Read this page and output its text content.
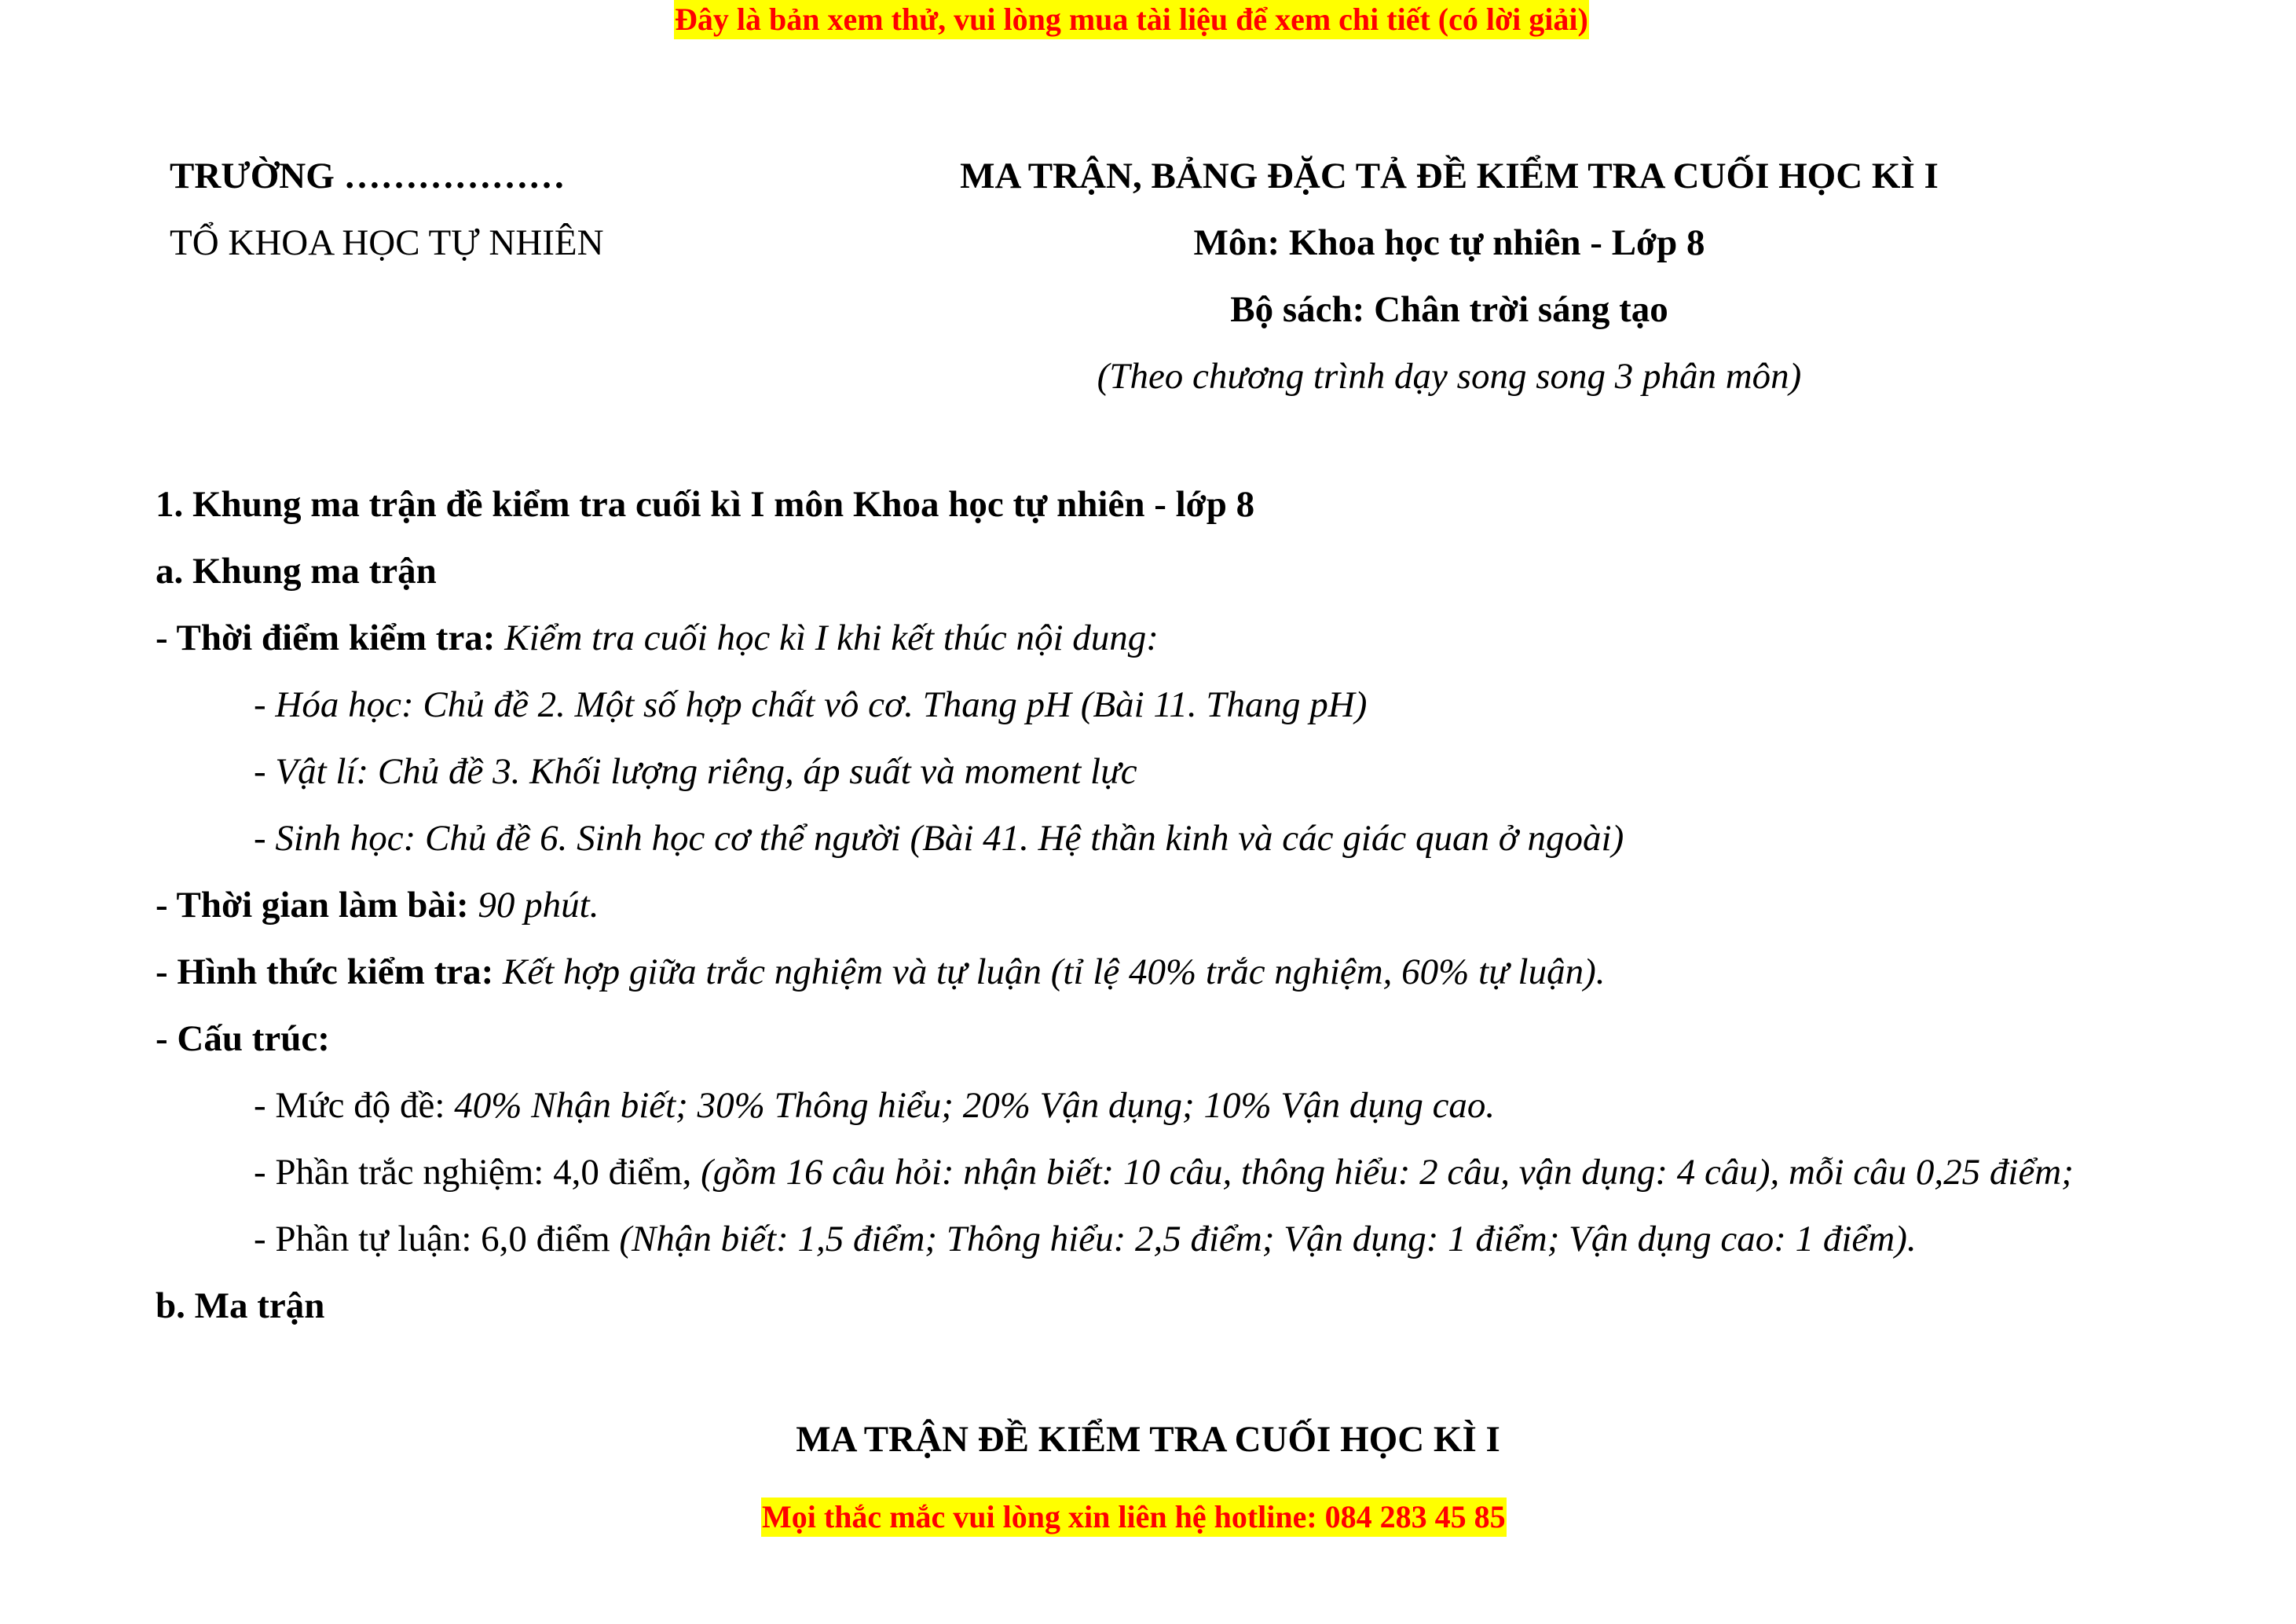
Đây là bản xem thử, vui lòng mua tài liệu để xem chi tiết (có lời giải)
TRƯỜNG ………………
TỔ KHOA HỌC TỰ NHIÊN
MA TRẬN, BẢNG ĐẶC TẢ ĐỀ KIỂM TRA CUỐI HỌC KÌ I
Môn: Khoa học tự nhiên - Lớp 8
Bộ sách: Chân trời sáng tạo
(Theo chương trình dạy song song 3 phân môn)
1. Khung ma trận đề kiểm tra cuối kì I môn Khoa học tự nhiên - lớp 8
a. Khung ma trận
- Thời điểm kiểm tra: Kiểm tra cuối học kì I khi kết thúc nội dung:
- Hóa học: Chủ đề 2. Một số hợp chất vô cơ. Thang pH (Bài 11. Thang pH)
- Vật lí: Chủ đề 3. Khối lượng riêng, áp suất và moment lực
- Sinh học: Chủ đề 6. Sinh học cơ thể người (Bài 41. Hệ thần kinh và các giác quan ở ngoài)
- Thời gian làm bài: 90 phút.
- Hình thức kiểm tra: Kết hợp giữa trắc nghiệm và tự luận (tỉ lệ 40% trắc nghiệm, 60% tự luận).
- Cấu trúc:
- Mức độ đề: 40% Nhận biết; 30% Thông hiểu; 20% Vận dụng; 10% Vận dụng cao.
- Phần trắc nghiệm: 4,0 điểm, (gồm 16 câu hỏi: nhận biết: 10 câu, thông hiểu: 2 câu, vận dụng: 4 câu), mỗi câu 0,25 điểm;
- Phần tự luận: 6,0 điểm (Nhận biết: 1,5 điểm; Thông hiểu: 2,5 điểm; Vận dụng: 1 điểm; Vận dụng cao: 1 điểm).
b. Ma trận
MA TRẬN ĐỀ KIỂM TRA CUỐI HỌC KÌ I
Mọi thắc mắc vui lòng xin liên hệ hotline: 084 283 45 85
